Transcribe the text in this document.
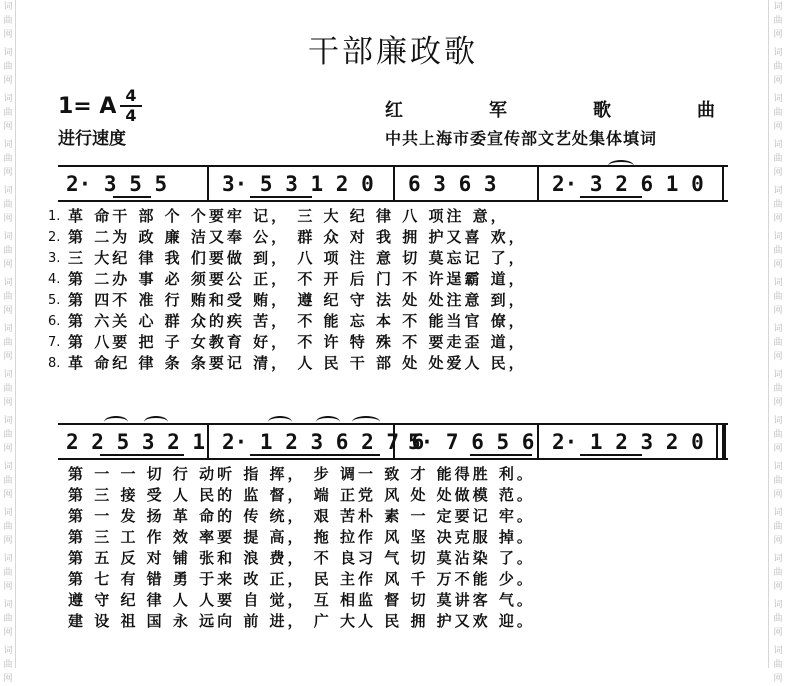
词曲网
词曲网
词曲网
词曲网
词曲网
词曲网
词曲网
词曲网
词曲网
词曲网
词曲网
词曲网
词曲网
词曲网
词曲网
词曲网
词曲网
词曲网
词曲网
词曲网
词曲网
词曲网
词曲网
词曲网
词曲网
词曲网
词曲网
词曲网
词曲网
词曲网
干部廉政歌
1= A 4
4
进行速度
红	军	歌	曲
中共上海市委宣传部文艺处集体填词
2· 3 5 5	3· 5 3 1 2 0 6 3 6 3	2· 3 2 6 1 0
1. 革 命干 部 个 个要牢 记， 三 大 纪 律 八 项注 意，
2. 第 二为 政 廉 洁又奉 公， 群 众 对 我 拥 护又喜 欢，
3. 三 大纪 律 我 们要做 到， 八 项 注 意 切 莫忘记 了，
4. 第 二办 事 必 须要公 正， 不 开 后 门 不 许逞霸 道，
5. 第 四不 准 行 贿和受 贿， 遵 纪 守 法 处 处注意 到，
6. 第 六关 心 群 众的疾 苦， 不 能 忘 本 不 能当官 僚，
7. 第 八要 把 子 女教育 好， 不 许 特 殊 不 要走歪 道，
8. 革 命纪 律 条 条要记 清， 人 民 干 部 处 处爱人 民，
2 2 5 3 2 1 2· 1 2 3 6 2 7 6
5· 7 6 5 6 2· 1 2 3 2 0
第 一 一 切 行 动听 指 挥， 步 调一 致 才 能得胜 利。
第 三 接 受 人 民的 监 督， 端 正党 风 处 处做模 范。
第 一 发 扬 革 命的 传 统， 艰 苦朴 素 一 定要记 牢。
第 三 工 作 效 率要 提 高， 拖 拉作 风 坚 决克服 掉。
第 五 反 对 铺 张和 浪 费， 不 良习 气 切 莫沾染 了。
第 七 有 错 勇 于来 改 正， 民 主作 风 千 万不能 少。
遵 守 纪 律 人 人要 自 觉， 互 相监 督 切 莫讲客 气。
建 设 祖 国 永 远向 前 进， 广 大人 民 拥 护又欢 迎。
